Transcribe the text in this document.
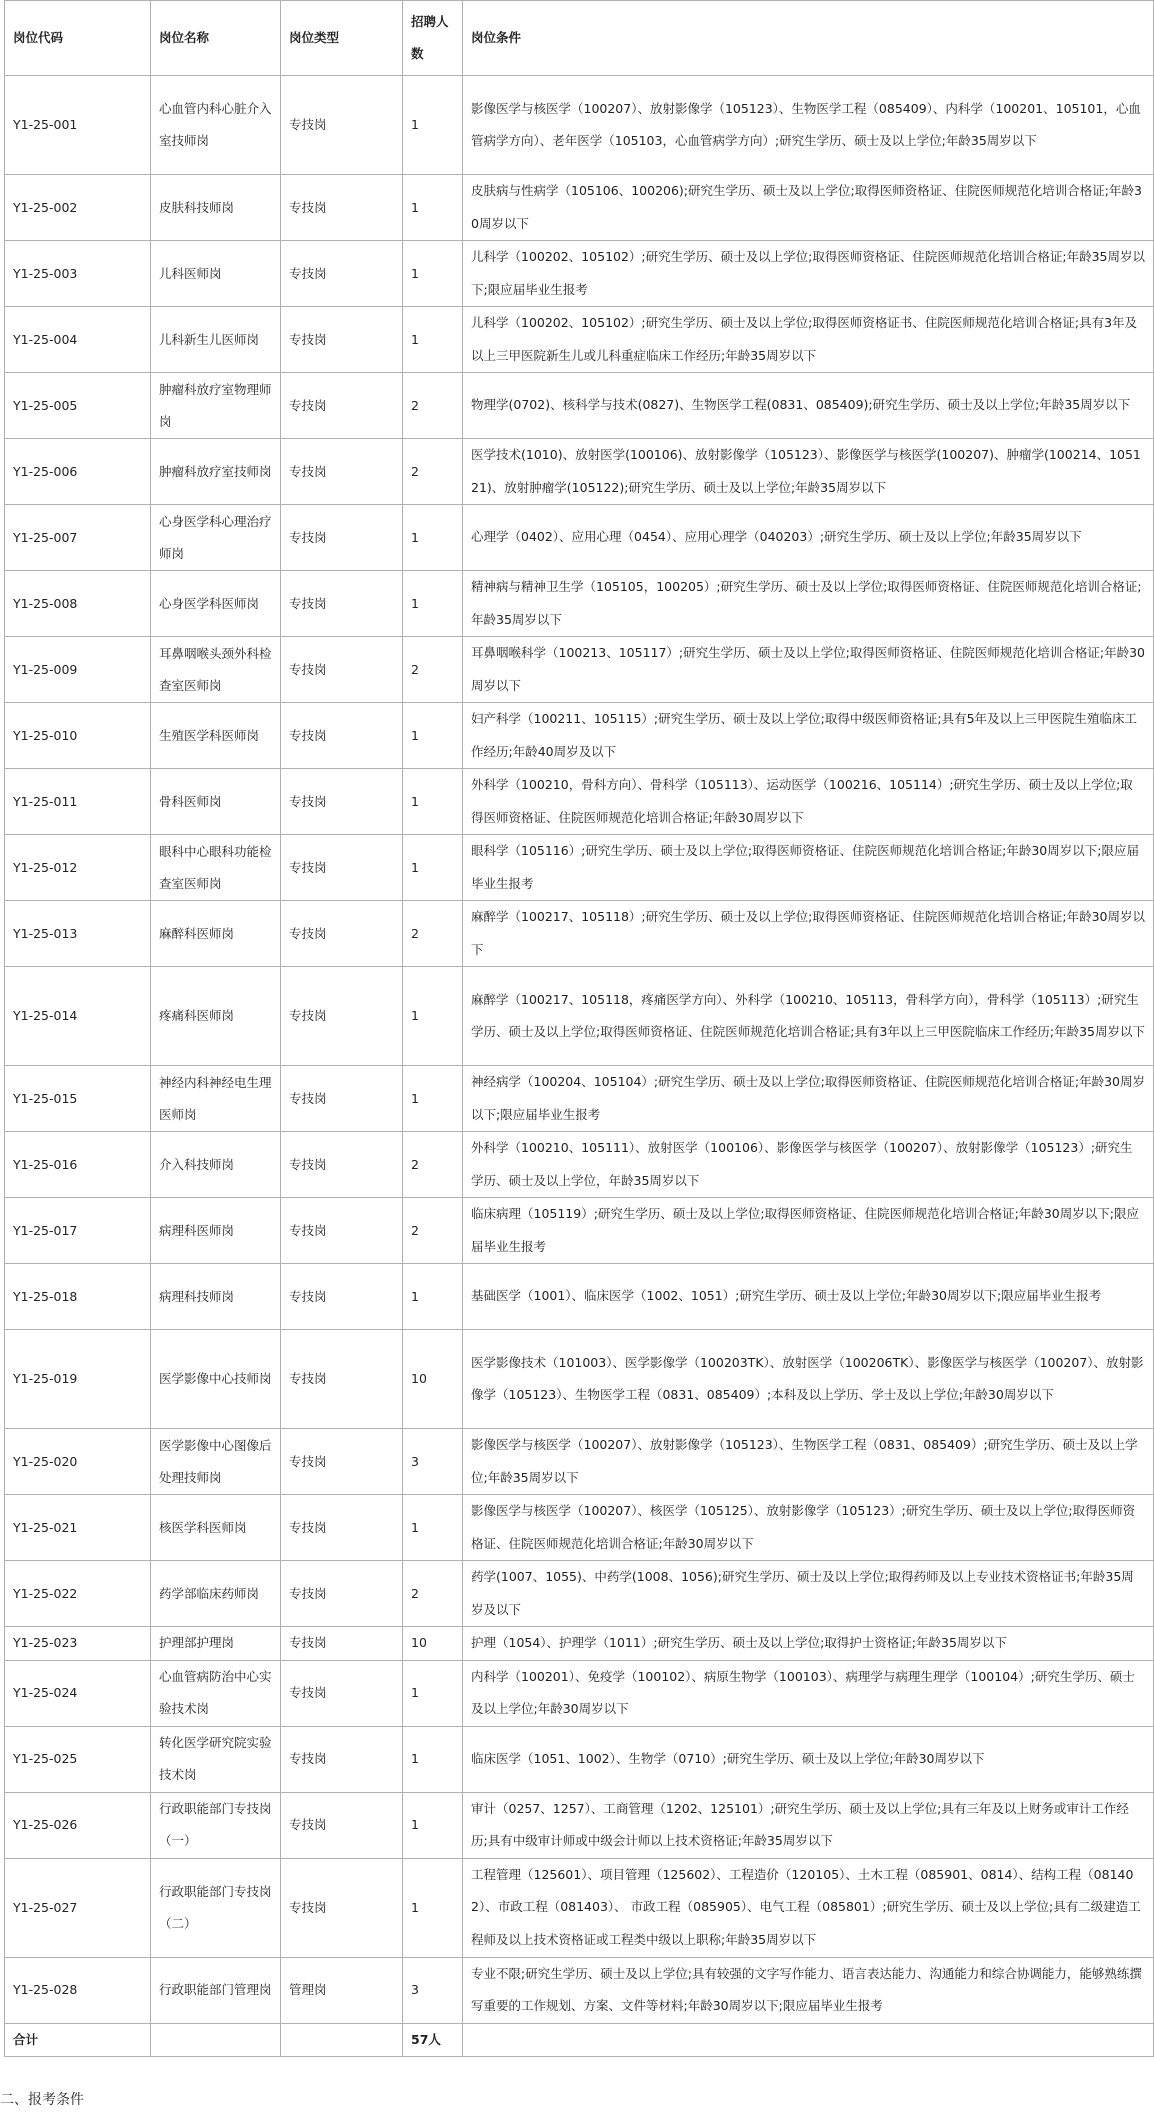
岗位代码	岗位名称	岗位类型	招聘人数	岗位条件
Y1-25-001	心血管内科心脏介入室技师岗	专技岗	1	影像医学与核医学（100207）、放射影像学（105123）、生物医学工程（085409）、内科学（100201、105101，心血管病学方向）、老年医学（105103，心血管病学方向）;研究生学历、硕士及以上学位;年龄35周岁以下
Y1-25-002	皮肤科技师岗	专技岗	1	皮肤病与性病学（105106、100206);研究生学历、硕士及以上学位;取得医师资格证、住院医师规范化培训合格证;年龄30周岁以下
Y1-25-003	儿科医师岗	专技岗	1	儿科学（100202、105102）;研究生学历、硕士及以上学位;取得医师资格证、住院医师规范化培训合格证;年龄35周岁以下;限应届毕业生报考
Y1-25-004	儿科新生儿医师岗	专技岗	1	儿科学（100202、105102）;研究生学历、硕士及以上学位;取得医师资格证书、住院医师规范化培训合格证;具有3年及以上三甲医院新生儿或儿科重症临床工作经历;年龄35周岁以下
Y1-25-005	肿瘤科放疗室物理师岗	专技岗	2	物理学(0702)、核科学与技术(0827)、生物医学工程(0831、085409);研究生学历、硕士及以上学位;年龄35周岁以下
Y1-25-006	肿瘤科放疗室技师岗	专技岗	2	医学技术(1010)、放射医学(100106)、放射影像学（105123）、影像医学与核医学(100207)、肿瘤学(100214、105121)、放射肿瘤学(105122);研究生学历、硕士及以上学位;年龄35周岁以下
Y1-25-007	心身医学科心理治疗师岗	专技岗	1	心理学（0402）、应用心理（0454）、应用心理学（040203）;研究生学历、硕士及以上学位;年龄35周岁以下
Y1-25-008	心身医学科医师岗	专技岗	1	精神病与精神卫生学（105105，100205）;研究生学历、硕士及以上学位;取得医师资格证、住院医师规范化培训合格证;年龄35周岁以下
Y1-25-009	耳鼻咽喉头颈外科检查室医师岗	专技岗	2	耳鼻咽喉科学（100213、105117）;研究生学历、硕士及以上学位;取得医师资格证、住院医师规范化培训合格证;年龄30周岁以下
Y1-25-010	生殖医学科医师岗	专技岗	1	妇产科学（100211、105115）;研究生学历、硕士及以上学位;取得中级医师资格证;具有5年及以上三甲医院生殖临床工作经历;年龄40周岁及以下
Y1-25-011	骨科医师岗	专技岗	1	外科学（100210，骨科方向）、骨科学（105113）、运动医学（100216、105114）;研究生学历、硕士及以上学位;取得医师资格证、住院医师规范化培训合格证;年龄30周岁以下
Y1-25-012	眼科中心眼科功能检查室医师岗	专技岗	1	眼科学（105116）;研究生学历、硕士及以上学位;取得医师资格证、住院医师规范化培训合格证;年龄30周岁以下;限应届毕业生报考
Y1-25-013	麻醉科医师岗	专技岗	2	麻醉学（100217、105118）;研究生学历、硕士及以上学位;取得医师资格证、住院医师规范化培训合格证;年龄30周岁以下
Y1-25-014	疼痛科医师岗	专技岗	1	麻醉学（100217、105118，疼痛医学方向）、外科学（100210、105113，骨科学方向），骨科学（105113）;研究生学历、硕士及以上学位;取得医师资格证、住院医师规范化培训合格证;具有3年以上三甲医院临床工作经历;年龄35周岁以下
Y1-25-015	神经内科神经电生理医师岗	专技岗	1	神经病学（100204、105104）;研究生学历、硕士及以上学位;取得医师资格证、住院医师规范化培训合格证;年龄30周岁以下;限应届毕业生报考
Y1-25-016	介入科技师岗	专技岗	2	外科学（100210、105111）、放射医学（100106）、影像医学与核医学（100207）、放射影像学（105123）;研究生学历、硕士及以上学位，年龄35周岁以下
Y1-25-017	病理科医师岗	专技岗	2	临床病理（105119）;研究生学历、硕士及以上学位;取得医师资格证、住院医师规范化培训合格证;年龄30周岁以下;限应届毕业生报考
Y1-25-018	病理科技师岗	专技岗	1	基础医学（1001）、临床医学（1002、1051）;研究生学历、硕士及以上学位;年龄30周岁以下;限应届毕业生报考
Y1-25-019	医学影像中心技师岗	专技岗	10	医学影像技术（101003）、医学影像学（100203TK）、放射医学（100206TK）、影像医学与核医学（100207）、放射影像学（105123）、生物医学工程（0831、085409）;本科及以上学历、学士及以上学位;年龄30周岁以下
Y1-25-020	医学影像中心图像后处理技师岗	专技岗	3	影像医学与核医学（100207）、放射影像学（105123）、生物医学工程（0831、085409）;研究生学历、硕士及以上学位;年龄35周岁以下
Y1-25-021	核医学科医师岗	专技岗	1	影像医学与核医学（100207）、核医学（105125）、放射影像学（105123）;研究生学历、硕士及以上学位;取得医师资格证、住院医师规范化培训合格证;年龄30周岁以下
Y1-25-022	药学部临床药师岗	专技岗	2	药学(1007、1055)、中药学(1008、1056);研究生学历、硕士及以上学位;取得药师及以上专业技术资格证书;年龄35周岁及以下
Y1-25-023	护理部护理岗	专技岗	10	护理（1054）、护理学（1011）;研究生学历、硕士及以上学位;取得护士资格证;年龄35周岁以下
Y1-25-024	心血管病防治中心实验技术岗	专技岗	1	内科学（100201）、免疫学（100102）、病原生物学（100103）、病理学与病理生理学（100104）;研究生学历、硕士及以上学位;年龄30周岁以下
Y1-25-025	转化医学研究院实验技术岗	专技岗	1	临床医学（1051、1002）、生物学（0710）;研究生学历、硕士及以上学位;年龄30周岁以下
Y1-25-026	行政职能部门专技岗（一）	专技岗	1	审计（0257、1257）、工商管理（1202、125101）;研究生学历、硕士及以上学位;具有三年及以上财务或审计工作经历;具有中级审计师或中级会计师以上技术资格证;年龄35周岁以下
Y1-25-027	行政职能部门专技岗（二）	专技岗	1	工程管理（125601）、项目管理（125602）、工程造价（120105）、土木工程（085901、0814）、结构工程（081402）、市政工程（081403）、 市政工程（085905）、电气工程（085801）;研究生学历、硕士及以上学位;具有二级建造工程师及以上技术资格证或工程类中级以上职称;年龄35周岁以下
Y1-25-028	行政职能部门管理岗	管理岗	3	专业不限;研究生学历、硕士及以上学位;具有较强的文字写作能力、语言表达能力、沟通能力和综合协调能力，能够熟练撰写重要的工作规划、方案、文件等材料;年龄30周岁以下;限应届毕业生报考
合计			57人	
二、报考条件
